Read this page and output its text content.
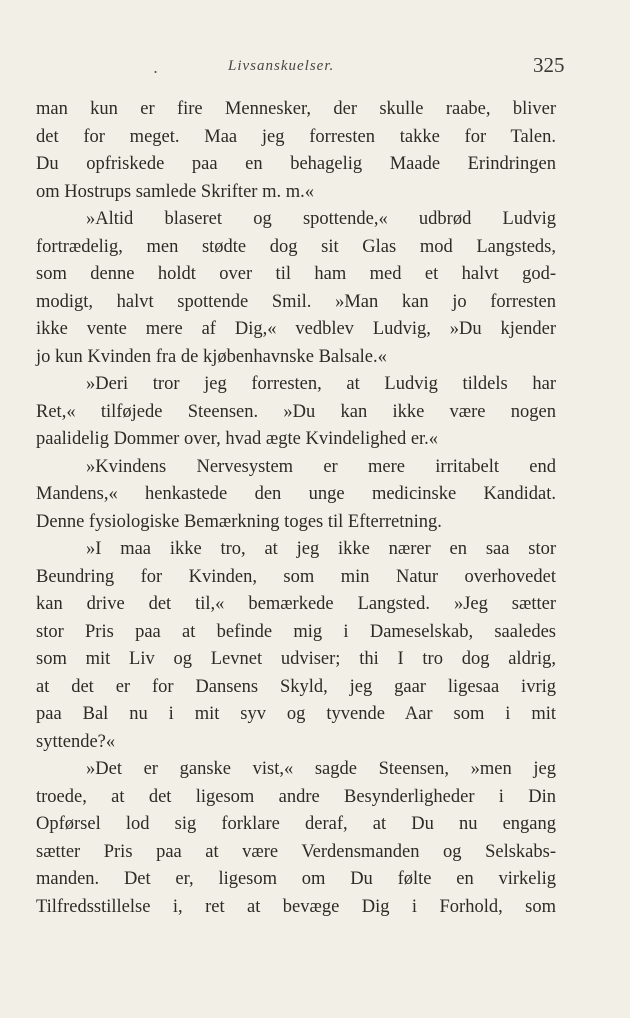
.	Livsanskuelser.	325
man kun er fire Mennesker, der skulle raabe, bliver
det for meget. Maa jeg forresten takke for Talen.
Du opfriskede paa en behagelig Maade Erindringen
om Hostrups samlede Skrifter m. m.«
»Altid blaseret og spottende,« udbrød Ludvig
fortrædelig, men stødte dog sit Glas mod Langsteds,
som denne holdt over til ham med et halvt god-
modigt, halvt spottende Smil. »Man kan jo forresten
ikke vente mere af Dig,« vedblev Ludvig, »Du kjender
jo kun Kvinden fra de kjøbenhavnske Balsale.«
»Deri tror jeg forresten, at Ludvig tildels har
Ret,« tilføjede Steensen. »Du kan ikke være nogen
paalidelig Dommer over, hvad ægte Kvindelighed er.«
»Kvindens Nervesystem er mere irritabelt end
Mandens,« henkastede den unge medicinske Kandidat.
Denne fysiologiske Bemærkning toges til Efterretning.
»I maa ikke tro, at jeg ikke nærer en saa stor
Beundring for Kvinden, som min Natur overhovedet
kan drive det til,« bemærkede Langsted. »Jeg sætter
stor Pris paa at befinde mig i Dameselskab, saaledes
som mit Liv og Levnet udviser; thi I tro dog aldrig,
at det er for Dansens Skyld, jeg gaar ligesaa ivrig
paa Bal nu i mit syv og tyvende Aar som i mit
syttende?«
»Det er ganske vist,« sagde Steensen, »men jeg
troede, at det ligesom andre Besynderligheder i Din
Opførsel lod sig forklare deraf, at Du nu engang
sætter Pris paa at være Verdensmanden og Selskabs-
manden. Det er, ligesom om Du følte en virkelig
Tilfredsstillelse i, ret at bevæge Dig i Forhold, som
